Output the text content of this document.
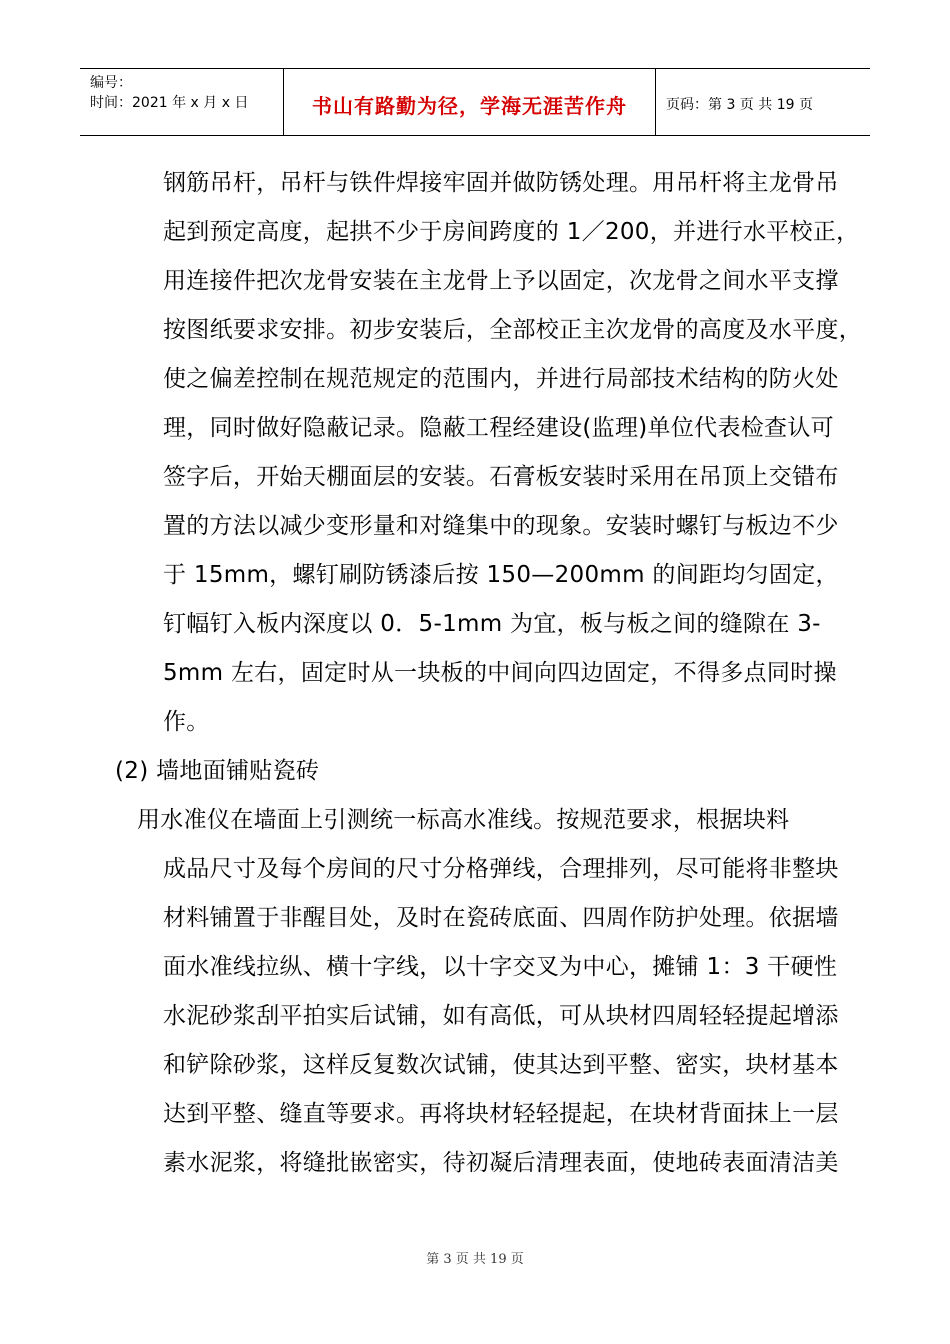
编号：
时间：2021 年 x 月 x 日	书山有路勤为径，学海无涯苦作舟	页码：第 3 页 共 19 页
钢筋吊杆，吊杆与铁件焊接牢固并做防锈处理。用吊杆将主龙骨吊
起到预定高度，起拱不少于房间跨度的 1／200，并进行水平校正，
用连接件把次龙骨安装在主龙骨上予以固定，次龙骨之间水平支撑
按图纸要求安排。初步安装后，全部校正主次龙骨的高度及水平度，
使之偏差控制在规范规定的范围内，并进行局部技术结构的防火处
理，同时做好隐蔽记录。隐蔽工程经建设(监理)单位代表检查认可
签字后，开始天棚面层的安装。石膏板安装时采用在吊顶上交错布
置的方法以减少变形量和对缝集中的现象。安装时螺钉与板边不少
于 15mm，螺钉刷防锈漆后按 150—200mm 的间距均匀固定，
钉幅钉入板内深度以 0．5-1mm 为宜，板与板之间的缝隙在 3-
5mm 左右，固定时从一块板的中间向四边固定，不得多点同时操
作。
(2) 墙地面铺贴瓷砖
用水准仪在墙面上引测统一标高水准线。按规范要求，根据块料
成品尺寸及每个房间的尺寸分格弹线，合理排列，尽可能将非整块
材料铺置于非醒目处，及时在瓷砖底面、四周作防护处理。依据墙
面水准线拉纵、横十字线，以十字交叉为中心，摊铺 1：3 干硬性
水泥砂浆刮平拍实后试铺，如有高低，可从块材四周轻轻提起增添
和铲除砂浆，这样反复数次试铺，使其达到平整、密实，块材基本
达到平整、缝直等要求。再将块材轻轻提起，在块材背面抹上一层
素水泥浆，将缝批嵌密实，待初凝后清理表面，使地砖表面清洁美
第 3 页 共 19 页
